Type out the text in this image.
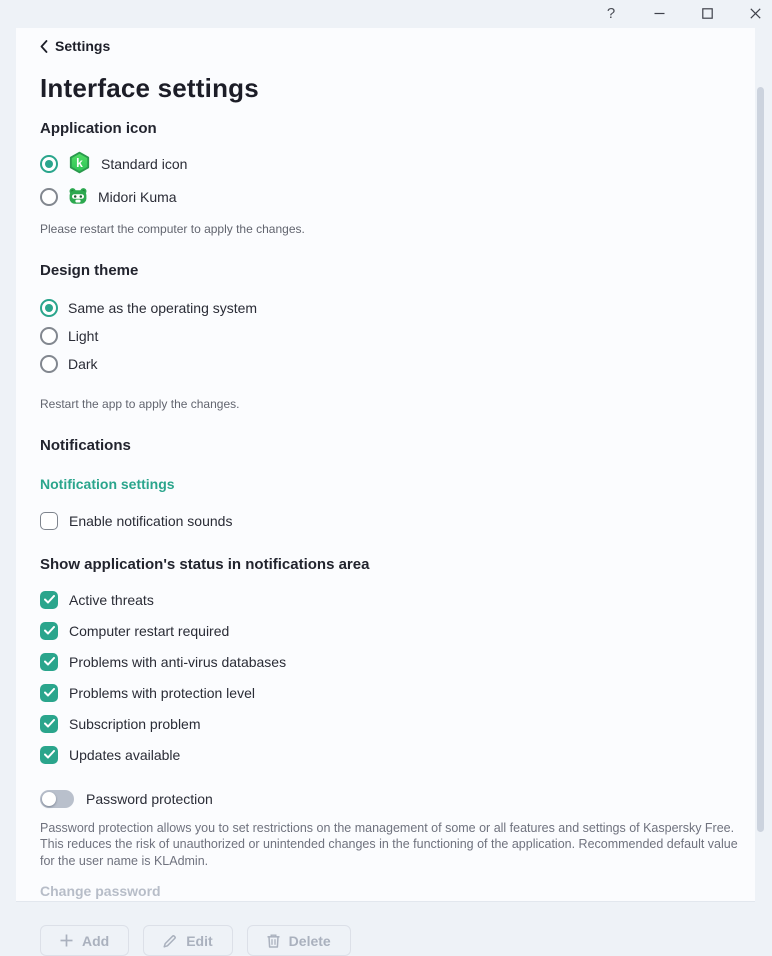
?
Settings
Interface settings
Application icon
k Standard icon
Midori Kuma
Please restart the computer to apply the changes.
Design theme
Same as the operating system
Light
Dark
Restart the app to apply the changes.
Notifications
Notification settings
Enable notification sounds
Show application's status in notifications area
Active threats
Computer restart required
Problems with anti-virus databases
Problems with protection level
Subscription problem
Updates available
Password protection
Password protection allows you to set restrictions on the management of some or all features and settings of Kaspersky Free. This reduces the risk of unauthorized or unintended changes in the functioning of the application. Recommended default value for the user name is KLAdmin.
Change password
Add	Edit	Delete
